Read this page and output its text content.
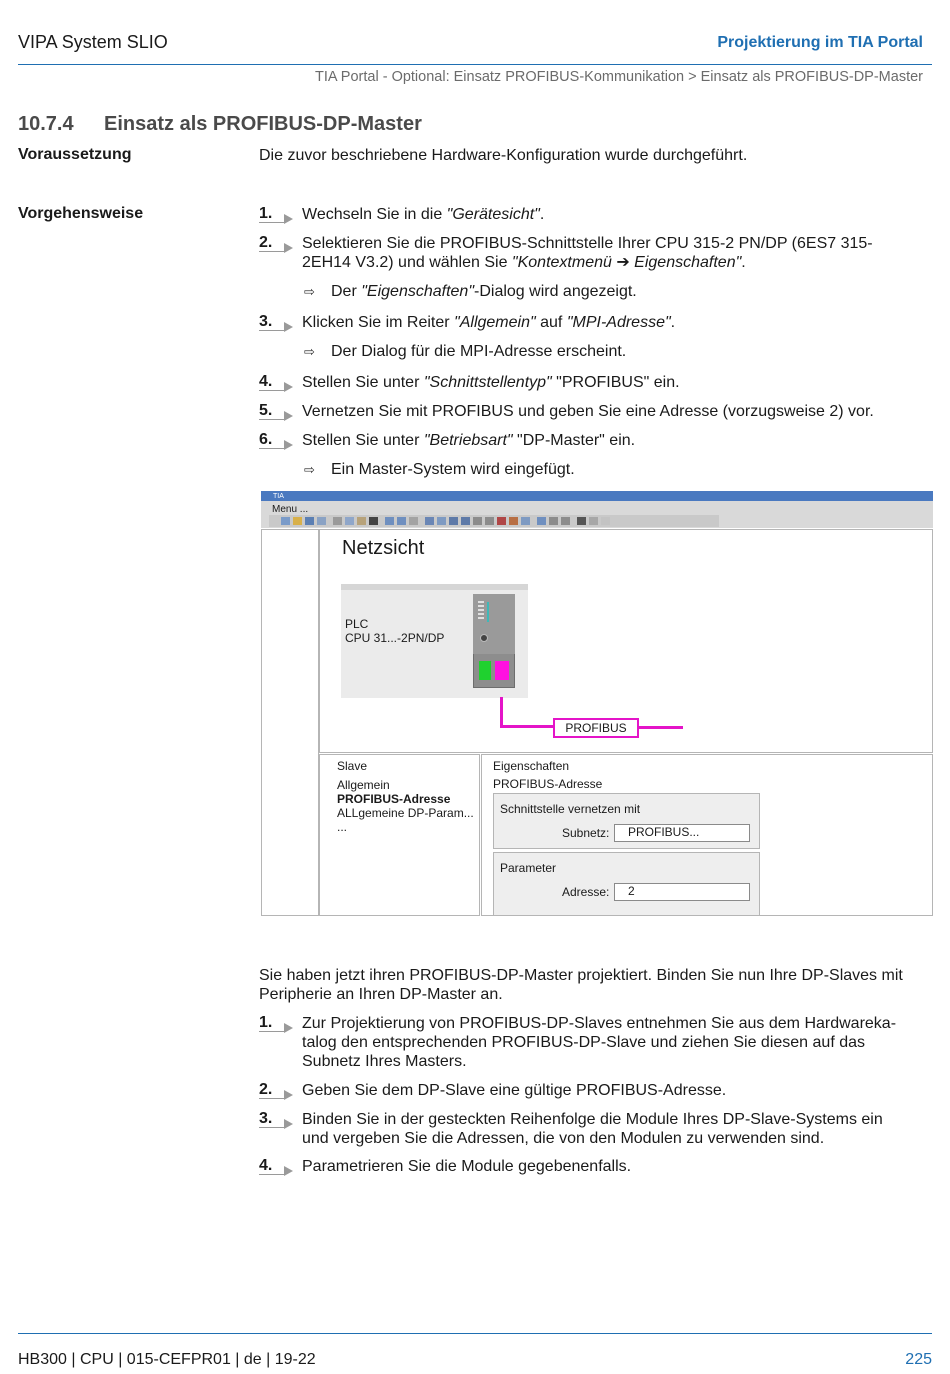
VIPA System SLIO	Projektierung im TIA Portal
TIA Portal - Optional: Einsatz PROFIBUS-Kommunikation > Einsatz als PROFIBUS-DP-Master
10.7.4 Einsatz als PROFIBUS-DP-Master
Voraussetzung	Die zuvor beschriebene Hardware-Konfiguration wurde durchgeführt.
Vorgehensweise	1. Wechseln Sie in die "Gerätesicht".
2. Selektieren Sie die PROFIBUS-Schnittstelle Ihrer CPU 315-2 PN/DP (6ES7 315-2EH14 V3.2) und wählen Sie "Kontextmenü ➔ Eigenschaften".
⇨ Der "Eigenschaften"-Dialog wird angezeigt.
3. Klicken Sie im Reiter "Allgemein" auf "MPI-Adresse".
⇨ Der Dialog für die MPI-Adresse erscheint.
4. Stellen Sie unter "Schnittstellentyp" "PROFIBUS" ein.
5. Vernetzen Sie mit PROFIBUS und geben Sie eine Adresse (vorzugsweise 2) vor.
6. Stellen Sie unter "Betriebsart" "DP-Master" ein.
⇨ Ein Master-System wird eingefügt.
TIA
Menu ...
Netzsicht
PLC
CPU 31...-2PN/DP
PROFIBUS
Slave
Allgemein
PROFIBUS-Adresse
ALLgemeine DP-Param...
...
Eigenschaften
PROFIBUS-Adresse
Schnittstelle vernetzen mit
Subnetz:	PROFIBUS...
Parameter
Adresse:	2
Sie haben jetzt ihren PROFIBUS-DP-Master projektiert. Binden Sie nun Ihre DP-Slaves mit Peripherie an Ihren DP-Master an.
1. Zur Projektierung von PROFIBUS-DP-Slaves entnehmen Sie aus dem Hardwareka-
talog den entsprechenden PROFIBUS-DP-Slave und ziehen Sie diesen auf das
Subnetz Ihres Masters.
2. Geben Sie dem DP-Slave eine gültige PROFIBUS-Adresse.
3. Binden Sie in der gesteckten Reihenfolge die Module Ihres DP-Slave-Systems ein
und vergeben Sie die Adressen, die von den Modulen zu verwenden sind.
4. Parametrieren Sie die Module gegebenenfalls.
HB300 | CPU | 015-CEFPR01 | de | 19-22	225
